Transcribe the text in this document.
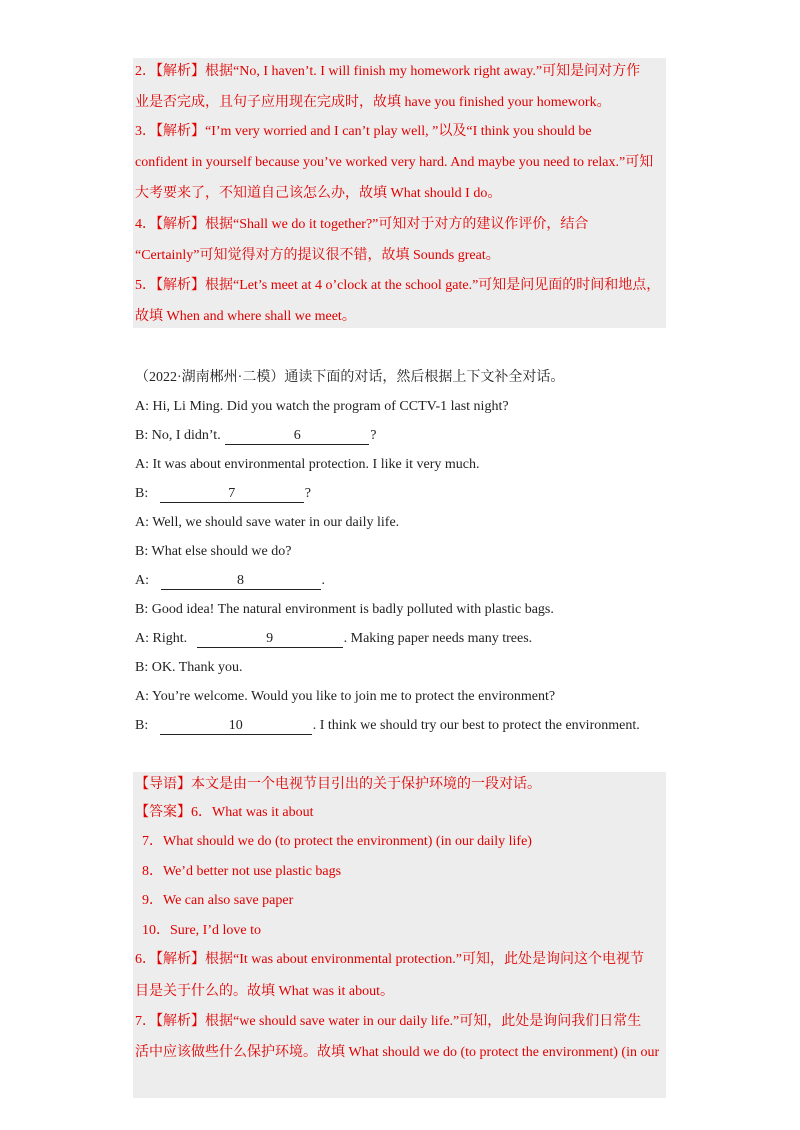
2．【解析】根据“No, I haven’t. I will finish my homework right away.”可知是问对方作
业是否完成，且句子应用现在完成时，故填 have you finished your homework。
3．【解析】“I’m very worried and I can’t play well, ”以及“I think you should be
confident in yourself because you’ve worked very hard. And maybe you need to relax.”可知
大考要来了，不知道自己该怎么办，故填 What should I do。
4．【解析】根据“Shall we do it together?”可知对于对方的建议作评价，结合
“Certainly”可知觉得对方的提议很不错，故填 Sounds great。
5．【解析】根据“Let’s meet at 4 o’clock at the school gate.”可知是问见面的时间和地点，
故填 When and where shall we meet。
（2022·湖南郴州·二模）通读下面的对话，然后根据上下文补全对话。
A: Hi, Li Ming. Did you watch the program of CCTV-1 last night?
B: No, I didn’t.	6	?
A: It was about environmental protection. I like it very much.
B:	7	?
A: Well, we should save water in our daily life.
B: What else should we do?
A:	8	.
B: Good idea! The natural environment is badly polluted with plastic bags.
A: Right.	9	. Making paper needs many trees.
B: OK. Thank you.
A: You’re welcome. Would you like to join me to protect the environment?
B:	10	. I think we should try our best to protect the environment.
【导语】本文是由一个电视节目引出的关于保护环境的一段对话。
【答案】6．What was it about
7．What should we do (to protect the environment) (in our daily life)
8．We’d better not use plastic bags
9．We can also save paper
10．Sure, I’d love to
6．【解析】根据“It was about environmental protection.”可知，此处是询问这个电视节
目是关于什么的。故填 What was it about。
7．【解析】根据“we should save water in our daily life.”可知，此处是询问我们日常生
活中应该做些什么保护环境。故填 What should we do (to protect the environment) (in our
